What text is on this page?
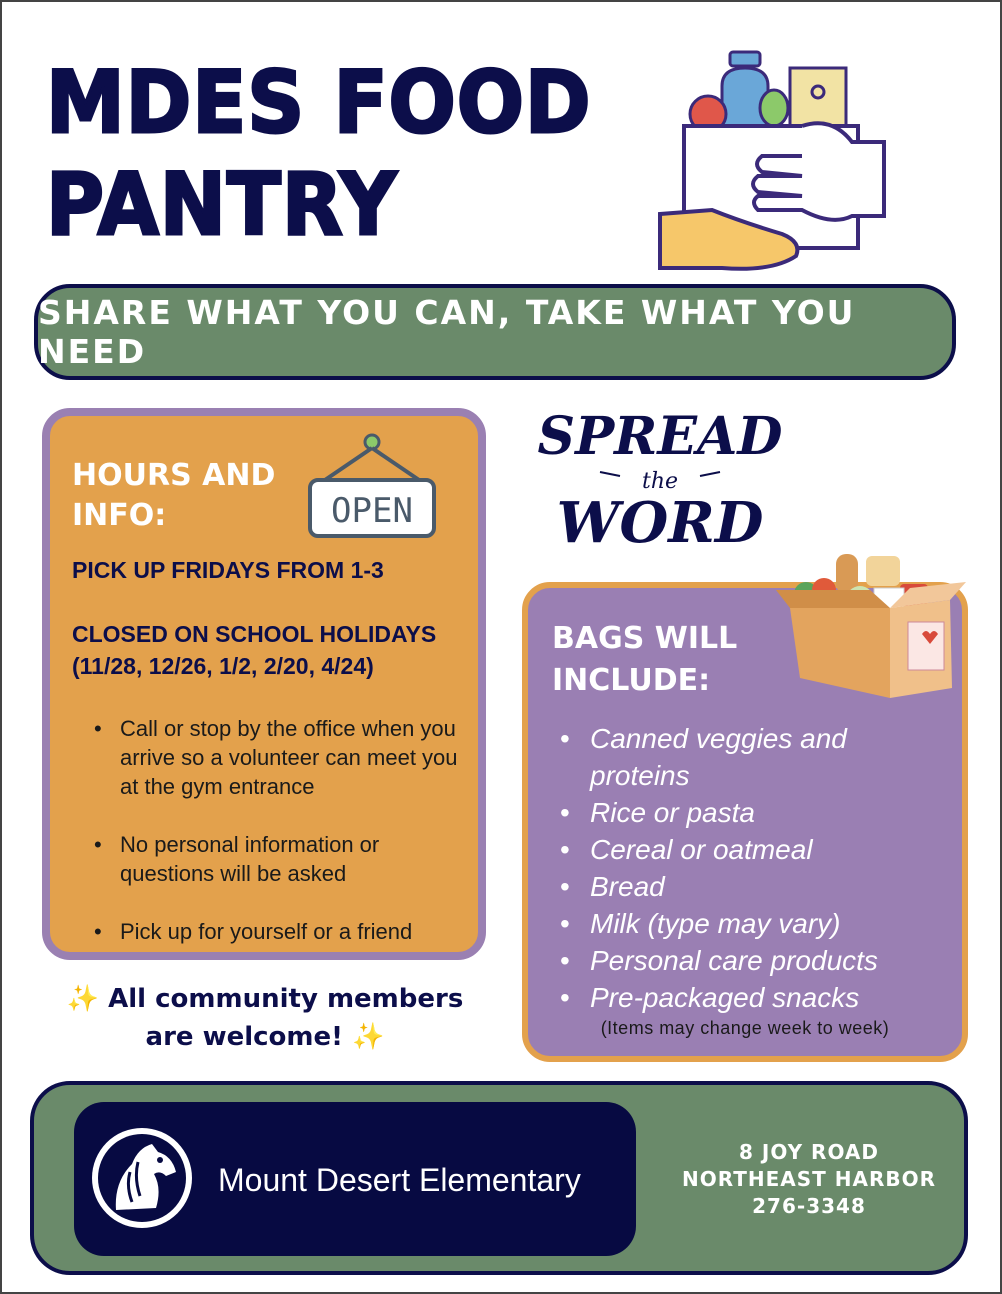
MDES FOOD
PANTRY
SHARE WHAT YOU CAN, TAKE WHAT YOU NEED
HOURS AND INFO:	OPEN
PICK UP FRIDAYS FROM 1-3
CLOSED ON SCHOOL HOLIDAYS
(11/28, 12/26, 1/2, 2/20, 4/24)
• Call or stop by the office when you arrive so a volunteer can meet you at the gym entrance
• No personal information or questions will be asked
• Pick up for yourself or a friend
✨ All community members
are welcome! ✨
SPREAD
the
WORD
BAGS WILL INCLUDE:
• Canned veggies and proteins
• Rice or pasta
• Cereal or oatmeal
• Bread
• Milk (type may vary)
• Personal care products
• Pre-packaged snacks
(Items may change week to week)
Mount Desert Elementary
8 JOY ROAD
NORTHEAST HARBOR
276-3348
